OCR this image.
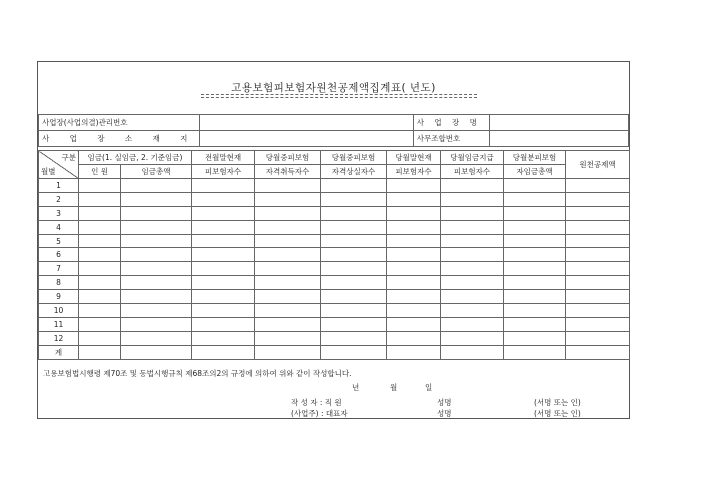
고용보험피보험자원천공제액집계표( 년도)
사업장(사업의결)관리번호		사 업 장 명	
사 업 장 소 재 지		사무조합번호	
구분
월별	임금(1. 실임금, 2. 기준임금)		전월말현재	당월중피보험	당월중피보험	당월말현재	당월임금지급	당월분피보험	원천공제액
	인 원	임금총액	피보험자수	자격취득자수	자격상실자수	피보험자수	피보험자수	자임금총액	
1									
2									
3									
4									
5									
6									
7									
8									
9									
10									
11									
12									
계									
고용보험법시행령 제70조 및 동법시행규칙 제68조의2의 규정에 의하여 위와 같이 작성합니다.
년	월	일
작 성 자 : 직 원	성명	(서명 또는 인)
(사업주) : 대표자	성명	(서명 또는 인)
